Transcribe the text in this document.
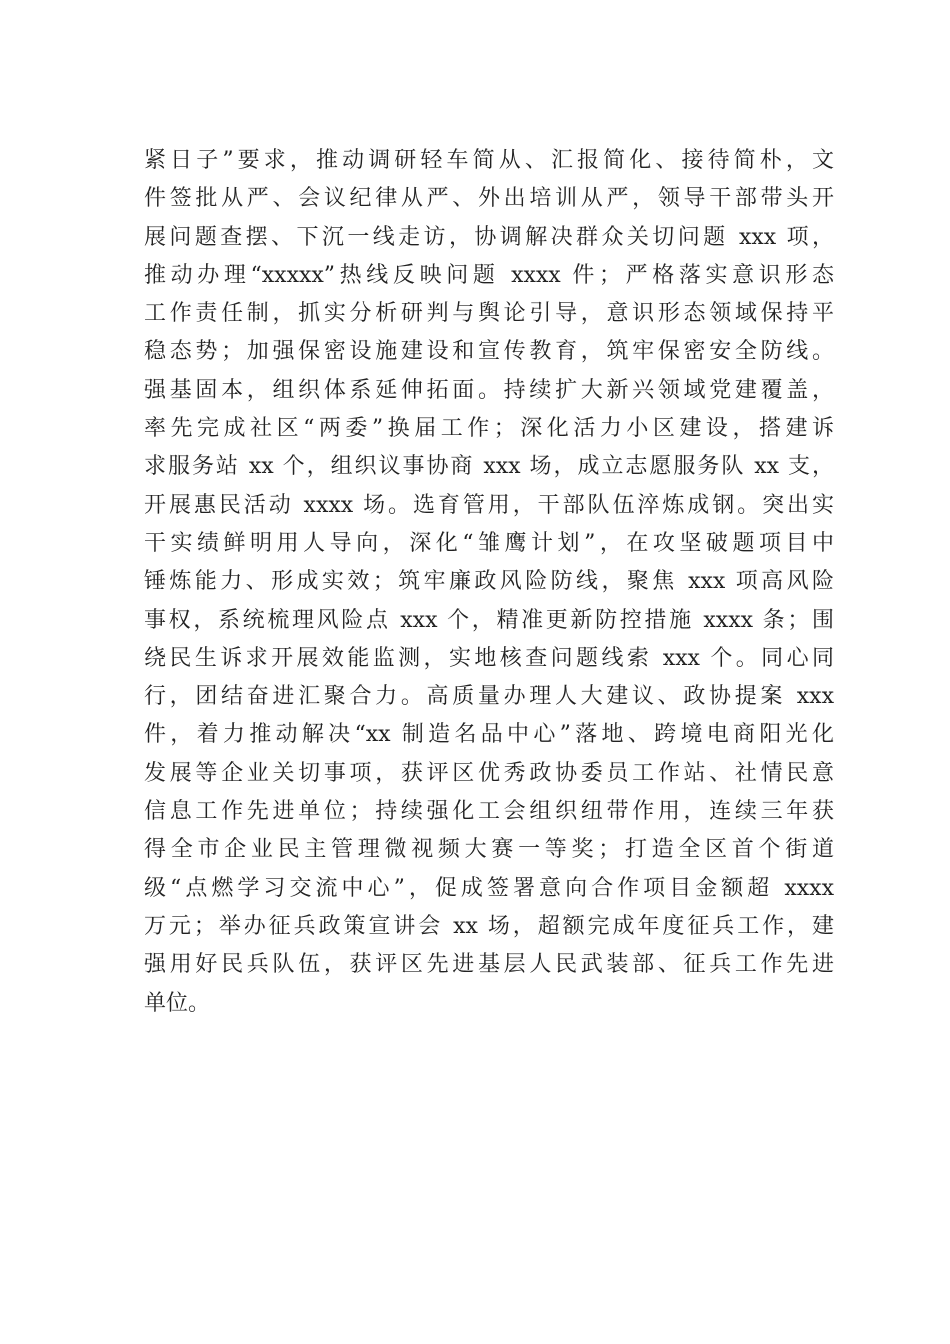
紧日子”要求，推动调研轻车简从、汇报简化、接待简朴，文
件签批从严、会议纪律从严、外出培训从严，领导干部带头开
展问题查摆、下沉一线走访，协调解决群众关切问题 xxx 项，
推动办理“xxxxx”热线反映问题 xxxx 件；严格落实意识形态
工作责任制，抓实分析研判与舆论引导，意识形态领域保持平
稳态势；加强保密设施建设和宣传教育，筑牢保密安全防线。
强基固本，组织体系延伸拓面。持续扩大新兴领域党建覆盖，
率先完成社区“两委”换届工作；深化活力小区建设，搭建诉
求服务站 xx 个，组织议事协商 xxx 场，成立志愿服务队 xx 支，
开展惠民活动 xxxx 场。选育管用，干部队伍淬炼成钢。突出实
干实绩鲜明用人导向，深化“雏鹰计划”，在攻坚破题项目中
锤炼能力、形成实效；筑牢廉政风险防线，聚焦 xxx 项高风险
事权，系统梳理风险点 xxx 个，精准更新防控措施 xxxx 条；围
绕民生诉求开展效能监测，实地核查问题线索 xxx 个。同心同
行，团结奋进汇聚合力。高质量办理人大建议、政协提案 xxx
件，着力推动解决“xx 制造名品中心”落地、跨境电商阳光化
发展等企业关切事项，获评区优秀政协委员工作站、社情民意
信息工作先进单位；持续强化工会组织纽带作用，连续三年获
得全市企业民主管理微视频大赛一等奖；打造全区首个街道
级“点燃学习交流中心”，促成签署意向合作项目金额超 xxxx
万元；举办征兵政策宣讲会 xx 场，超额完成年度征兵工作，建
强用好民兵队伍，获评区先进基层人民武装部、征兵工作先进
单位。
